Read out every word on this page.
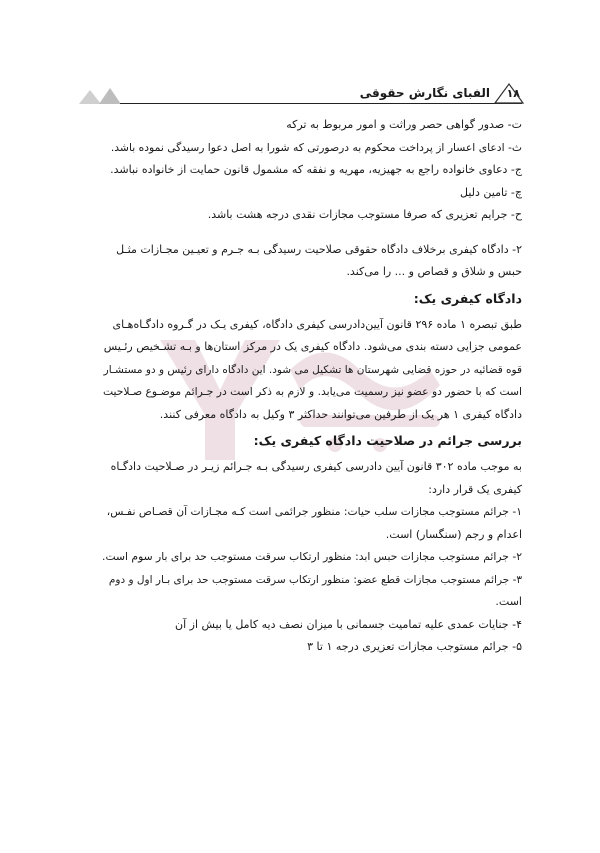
الفبای نگارش حقوقی ۱۸
ت- صدور گواهی حصر وراثت و امور مربوط به ترکه
ث- ادعای اعسار از پرداخت محکوم به درصورتی که شورا به اصل دعوا رسیدگی نموده باشد.
ج- دعاوی خانواده راجع به جهیزیه، مهریه و نفقه که مشمول قانون حمایت از خانواده نباشد.
چ- تامین دلیل
ح- جرایم تعزیری که صرفا مستوجب مجازات نقدی درجه هشت باشد.
۲- دادگاه کیفری برخلاف دادگاه حقوقی صلاحیت رسیدگی بـه جـرم و تعیـین مجـازات مثـل
حبس و شلاق و قصاص و ... را می‌کند.
دادگاه کیفری یک:
طبق تبصره ۱ ماده ۲۹۶ قانون آیین‌دادرسی کیفری دادگاه، کیفری یـک در گـروه دادگـاه‌هـای
عمومی جزایی دسته بندی می‌شود. دادگاه کیفری یک در مرکز استان‌ها و بـه تشـخیص رئـیس
قوه قضائیه در حوزه قضایی شهرستان ها تشکیل می شود. این دادگاه دارای رئیس و دو مستشـار
است که با حضور دو عضو نیز رسمیت می‌یابد. و لازم به ذکر است در جـرائم موضـوع صـلاحیت
دادگاه کیفری ۱ هر یک از طرفین می‌توانند حداکثر ۳ وکیل به دادگاه معرفی کنند.
بررسی جرائم در صلاحیت دادگاه کیفری یک:
به موجب ماده ۳۰۲ قانون آیین دادرسی کیفری رسیدگی بـه جـرائم زیـر در صـلاحیت دادگـاه
کیفری یک قرار دارد:
۱- جرائم مستوجب مجازات سلب حیات: منظور جرائمی است کـه مجـازات آن قصـاص نفـس،
اعدام و رجم (سنگسار) است.
۲- جرائم مستوجب مجازات حبس ابد: منظور ارتکاب سرقت مستوجب حد برای بار سوم است.
۳- جرائم مستوجب مجازات قطع عضو: منظور ارتکاب سرقت مستوجب حد برای بـار اول و دوم
است.
۴- جنایات عمدی علیه تمامیت جسمانی با میزان نصف دیه کامل یا بیش از آن
۵- جرائم مستوجب مجازات تعزیری درجه ۱ تا ۳
